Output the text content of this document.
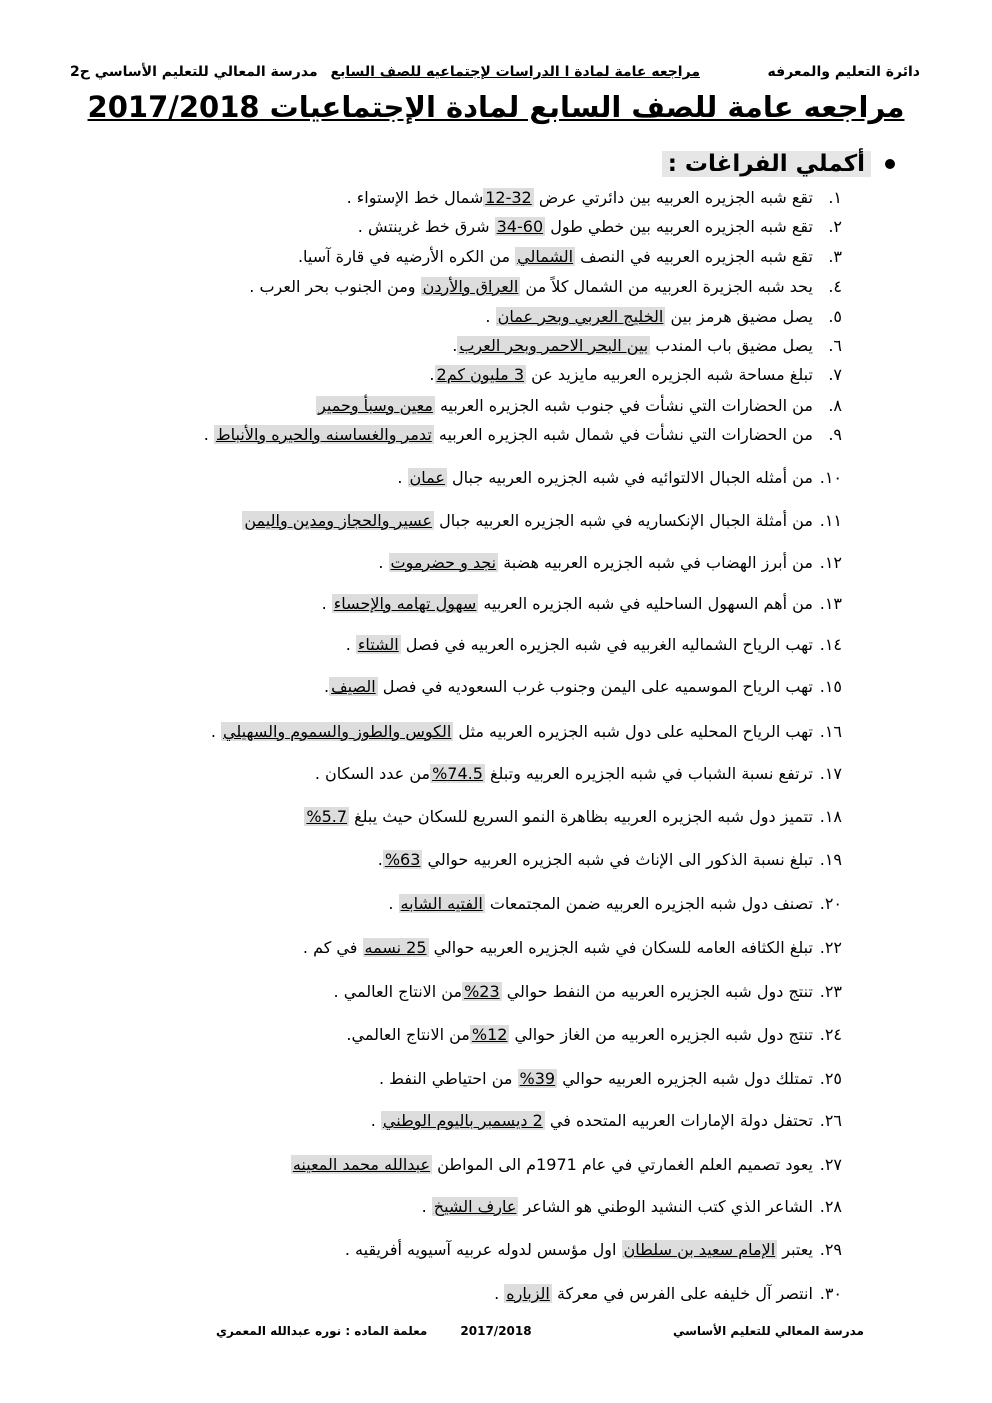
دائرة التعليم والمعرفه
مراجعه عامة لمادة ا الدراسات لإجتماعيه للصف السابع
مدرسة المعالي للتعليم الأساسي ح2
مراجعه عامة للصف السابع لمادة الإجتماعيات 2017/2018
أكملي الفراغات :
١. تقع شبه الجزيره العربيه بين دائرتي عرض 32-12شمال خط الإستواء .
٢. تقع شبه الجزيره العربيه بين خطي طول 60-34 شرق خط غرينتش .
٣. تقع شبه الجزيره العربيه في النصف الشمالي من الكره الأرضيه في قارة آسيا.
٤. يحد شبه الجزيرة العربيه من الشمال كلاً من العراق والأردن ومن الجنوب بحر العرب .
٥. يصل مضيق هرمز بين الخليج العربي وبحر عمان .
٦. يصل مضيق باب المندب بين البحر الاحمر وبحر العرب.
٧. تبلغ مساحة شبه الجزيره العربيه مايزيد عن 3 مليون كم2.
٨. من الحضارات التي نشأت في جنوب شبه الجزيره العربيه معين وسبأ وحمير
٩. من الحضارات التي نشأت في شمال شبه الجزيره العربيه تدمر والغساسنه والحيره والأنباط .
١٠. من أمثله الجبال الالتوائيه في شبه الجزيره العربيه جبال عمان .
١١. من أمثلة الجبال الإنكساريه في شبه الجزيره العربيه جبال عسير والحجاز ومدين واليمن
١٢. من أبرز الهضاب في شبه الجزيره العربيه هضبة نجد و حضرموت .
١٣. من أهم السهول الساحليه في شبه الجزيره العربيه سهول تهامه والإحساء .
١٤. تهب الرياح الشماليه الغربيه في شبه الجزيره العربيه في فصل الشتاء .
١٥. تهب الرياح الموسميه على اليمن وجنوب غرب السعوديه في فصل الصيف.
١٦. تهب الرياح المحليه على دول شبه الجزيره العربيه مثل الكوس والطوز والسموم والسهيلي .
١٧. ترتفع نسبة الشباب في شبه الجزيره العربيه وتبلغ 74.5%من عدد السكان .
١٨. تتميز دول شبه الجزيره العربيه بظاهرة النمو السريع للسكان حيث يبلغ 5.7%
١٩. تبلغ نسبة الذكور الى الإناث في شبه الجزيره العربيه حوالي 63%.
٢٠. تصنف دول شبه الجزيره العربيه ضمن المجتمعات الفتيه الشابه .
٢٢. تبلغ الكثافه العامه للسكان في شبه الجزيره العربيه حوالي 25 نسمه في كم .
٢٣. تنتج دول شبه الجزيره العربيه من النفط حوالي 23%من الانتاج العالمي .
٢٤. تنتج دول شبه الجزيره العربيه من الغاز حوالي 12%من الانتاج العالمي.
٢٥. تمتلك دول شبه الجزيره العربيه حوالي 39% من احتياطي النفط .
٢٦. تحتفل دولة الإمارات العربيه المتحده في 2 ديسمبر باليوم الوطني .
٢٧. يعود تصميم العلم الغمارتي في عام 1971م الى المواطن عبدالله محمد المعينه
٢٨. الشاعر الذي كتب النشيد الوطني هو الشاعر عارف الشيخ .
٢٩. يعتبر الإمام سعيد بن سلطان اول مؤسس لدوله عربيه آسيويه أفريقيه .
٣٠. انتصر آل خليفه على الفرس في معركة الزباره .
مدرسة المعالي للتعليم الأساسي
2017/2018
معلمة الماده : نوره عبدالله المعمري
